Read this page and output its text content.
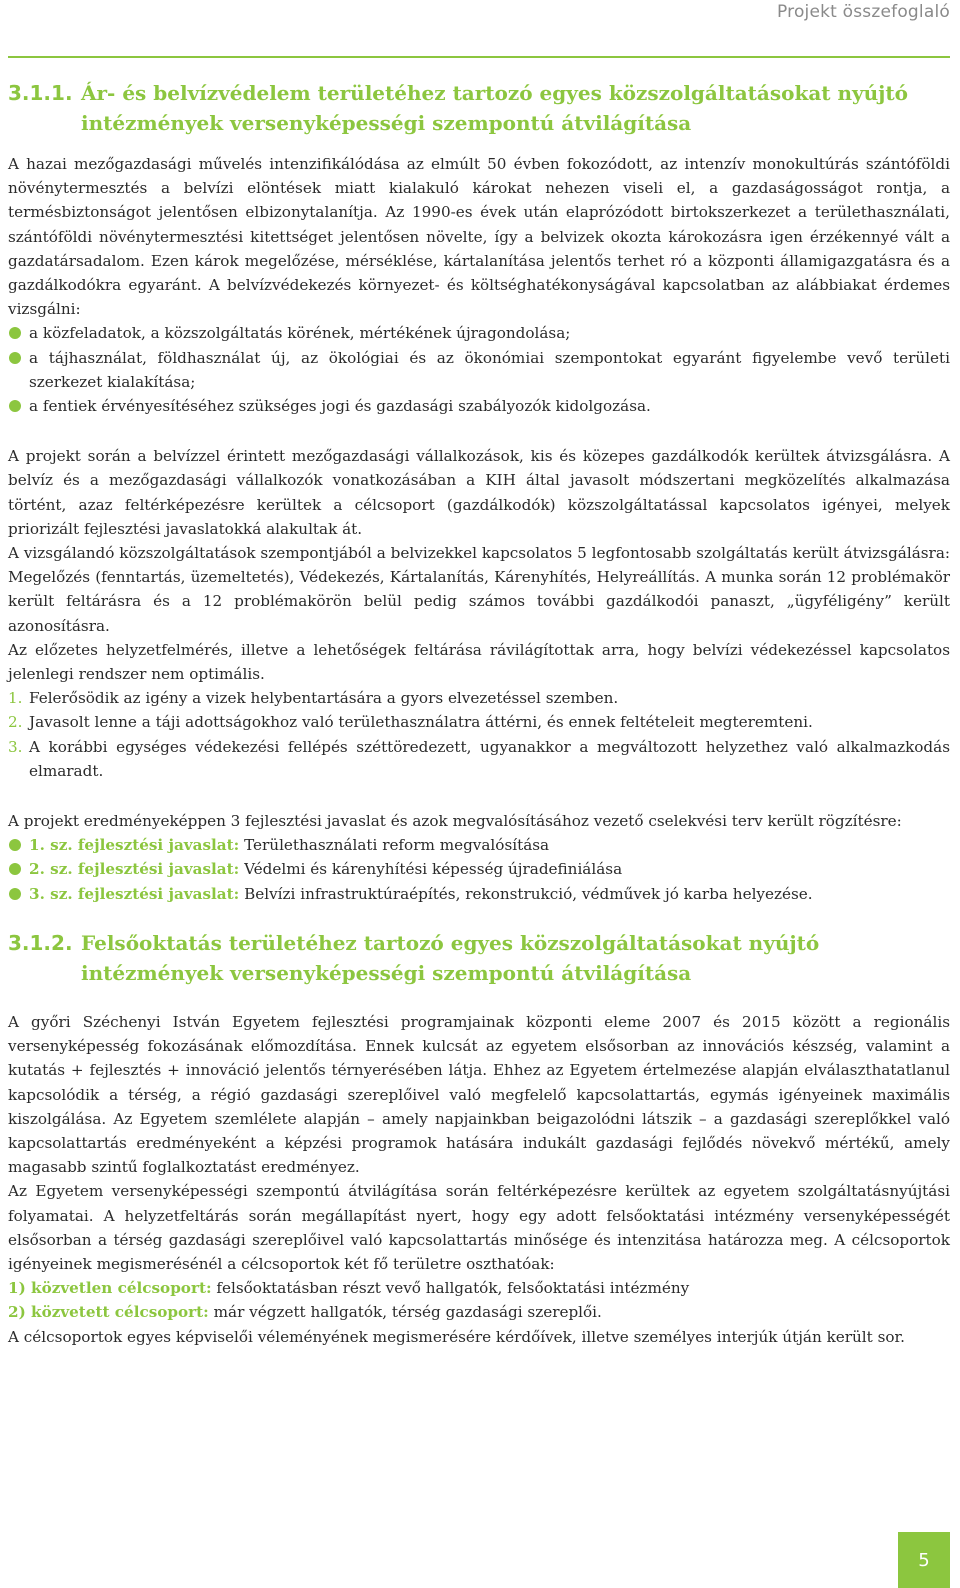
Projekt összefoglaló
3.1.1. Ár- és belvízvédelem területéhez tartozó egyes közszolgáltatásokat nyújtó intézmények versenyképességi szempontú átvilágítása

A hazai mezőgazdasági művelés intenzifikálódása az elmúlt 50 évben fokozódott, az intenzív monokultúrás szántóföldi növénytermesztés a belvízi elöntések miatt kialakuló károkat nehezen viseli el, a gazdaságosságot rontja, a termésbiztonságot jelentősen elbizonytalanítja. Az 1990-es évek után elaprózódott birtokszerkezet a területhasználati, szántóföldi növénytermesztési kitettséget jelentősen növelte, így a belvizek okozta károkozásra igen érzékennyé vált a gazdatársadalom. Ezen károk megelőzése, mérséklése, kártalanítása jelentős terhet ró a központi államigazgatásra és a gazdálkodókra egyaránt. A belvízvédekezés környezet- és költséghatékonyságával kapcsolatban az alábbiakat érdemes vizsgálni:

a közfeladatok, a közszolgáltatás körének, mértékének újragondolása;
a tájhasználat, földhasználat új, az ökológiai és az ökonómiai szempontokat egyaránt figyelembe vevő területi szerkezet kialakítása;
a fentiek érvényesítéséhez szükséges jogi és gazdasági szabályozók kidolgozása.

A projekt során a belvízzel érintett mezőgazdasági vállalkozások, kis és közepes gazdálkodók kerültek átvizsgálásra. A belvíz és a mezőgazdasági vállalkozók vonatkozásában a KIH által javasolt módszertani megközelítés alkalmazása történt, azaz feltérképezésre kerültek a célcsoport (gazdálkodók) közszolgáltatással kapcsolatos igényei, melyek priorizált fejlesztési javaslatokká alakultak át.

A vizsgálandó közszolgáltatások szempontjából a belvizekkel kapcsolatos 5 legfontosabb szolgáltatás került átvizsgálásra: Megelőzés (fenntartás, üzemeltetés), Védekezés, Kártalanítás, Kárenyhítés, Helyreállítás. A munka során 12 problémakör került feltárásra és a 12 problémakörön belül pedig számos további gazdálkodói panaszt, „ügyféligény” került azonosításra.

Az előzetes helyzetfelmérés, illetve a lehetőségek feltárása rávilágítottak arra, hogy belvízi védekezéssel kapcsolatos jelenlegi rendszer nem optimális.

1. Felerősödik az igény a vizek helybentartására a gyors elvezetéssel szemben.
2. Javasolt lenne a táji adottságokhoz való területhasználatra áttérni, és ennek feltételeit megteremteni.
3. A korábbi egységes védekezési fellépés széttöredezett, ugyanakkor a megváltozott helyzethez való alkalmazkodás elmaradt.

A projekt eredményeképpen 3 fejlesztési javaslat és azok megvalósításához vezető cselekvési terv került rögzítésre:

1. sz. fejlesztési javaslat: Területhasználati reform megvalósítása
2. sz. fejlesztési javaslat: Védelmi és kárenyhítési képesség újradefiniálása
3. sz. fejlesztési javaslat: Belvízi infrastruktúraépítés, rekonstrukció, védművek jó karba helyezése.
3.1.2. Felsőoktatás területéhez tartozó egyes közszolgáltatásokat nyújtó intézmények versenyképességi szempontú átvilágítása

A győri Széchenyi István Egyetem fejlesztési programjainak központi eleme 2007 és 2015 között a regionális versenyképesség fokozásának előmozdítása. Ennek kulcsát az egyetem elsősorban az innovációs készség, valamint a kutatás + fejlesztés + innováció jelentős térnyerésében látja. Ehhez az Egyetem értelmezése alapján elválaszthatatlanul kapcsolódik a térség, a régió gazdasági szereplőivel való megfelelő kapcsolattartás, egymás igényeinek maximális kiszolgálása. Az Egyetem szemlélete alapján – amely napjainkban beigazolódni látszik – a gazdasági szereplőkkel való kapcsolattartás eredményeként a képzési programok hatására indukált gazdasági fejlődés növekvő mértékű, amely magasabb szintű foglalkoztatást eredményez.

Az Egyetem versenyképességi szempontú átvilágítása során feltérképezésre kerültek az egyetem szolgáltatásnyújtási folyamatai. A helyzetfeltárás során megállapítást nyert, hogy egy adott felsőoktatási intézmény versenyképességét elsősorban a térség gazdasági szereplőivel való kapcsolattartás minősége és intenzitása határozza meg. A célcsoportok igényeinek megismerésénél a célcsoportok két fő területre oszthatóak:

1) közvetlen célcsoport: felsőoktatásban részt vevő hallgatók, felsőoktatási intézmény

2) közvetett célcsoport: már végzett hallgatók, térség gazdasági szereplői.

A célcsoportok egyes képviselői véleményének megismerésére kérdőívek, illetve személyes interjúk útján került sor.

5
